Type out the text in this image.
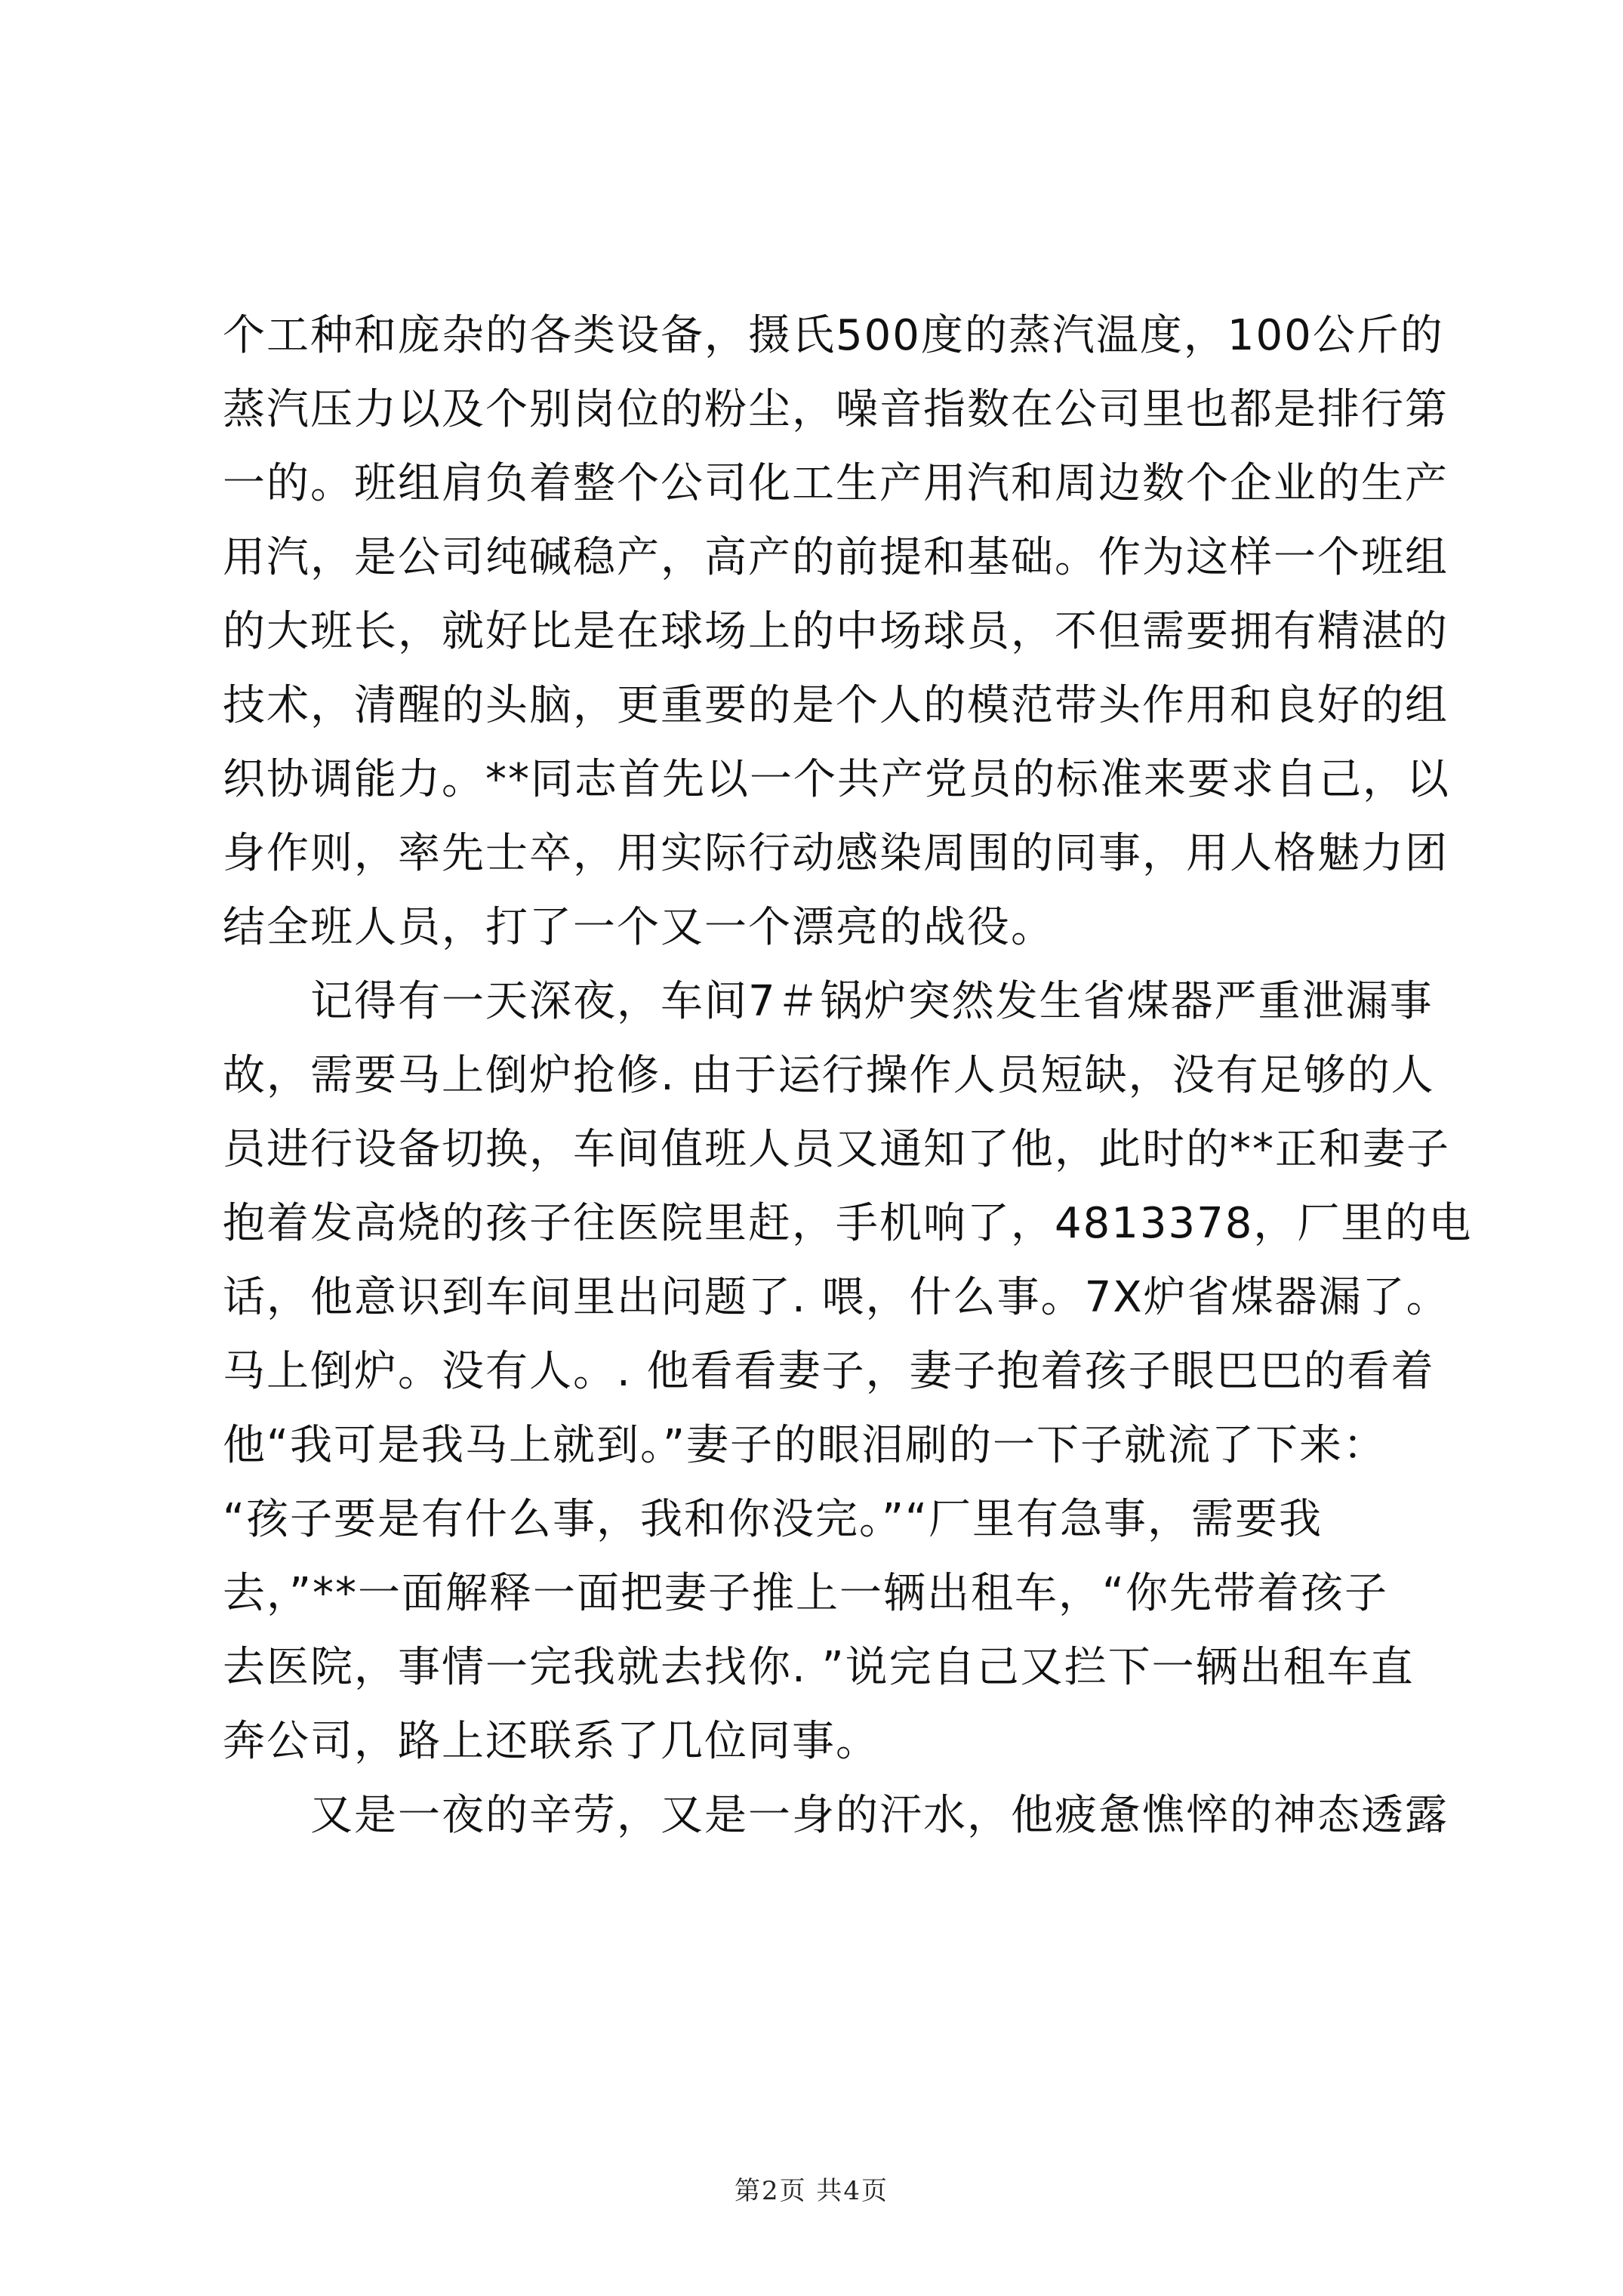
个工种和庞杂的各类设备，摄氏500度的蒸汽温度，100公斤的
蒸汽压力以及个别岗位的粉尘，噪音指数在公司里也都是排行第
一的。班组肩负着整个公司化工生产用汽和周边数个企业的生产
用汽，是公司纯碱稳产，高产的前提和基础。作为这样一个班组
的大班长，就好比是在球场上的中场球员，不但需要拥有精湛的
技术，清醒的头脑，更重要的是个人的模范带头作用和良好的组
织协调能力。**同志首先以一个共产党员的标准来要求自己，以
身作则，率先士卒，用实际行动感染周围的同事，用人格魅力团
结全班人员，打了一个又一个漂亮的战役。
　　记得有一天深夜，车间7＃锅炉突然发生省煤器严重泄漏事
故，需要马上倒炉抢修. 由于运行操作人员短缺，没有足够的人
员进行设备切换，车间值班人员又通知了他，此时的**正和妻子
抱着发高烧的孩子往医院里赶，手机响了，4813378，厂里的电
话，他意识到车间里出问题了. 喂，什么事。7X炉省煤器漏了。
马上倒炉。没有人。. 他看看妻子，妻子抱着孩子眼巴巴的看着
他“我可是我马上就到。”妻子的眼泪刷的一下子就流了下来：
“孩子要是有什么事，我和你没完。”“厂里有急事，需要我
去，”**一面解释一面把妻子推上一辆出租车，“你先带着孩子
去医院，事情一完我就去找你. ”说完自己又拦下一辆出租车直
奔公司，路上还联系了几位同事。
　　又是一夜的辛劳，又是一身的汗水，他疲惫憔悴的神态透露
第2页 共4页
